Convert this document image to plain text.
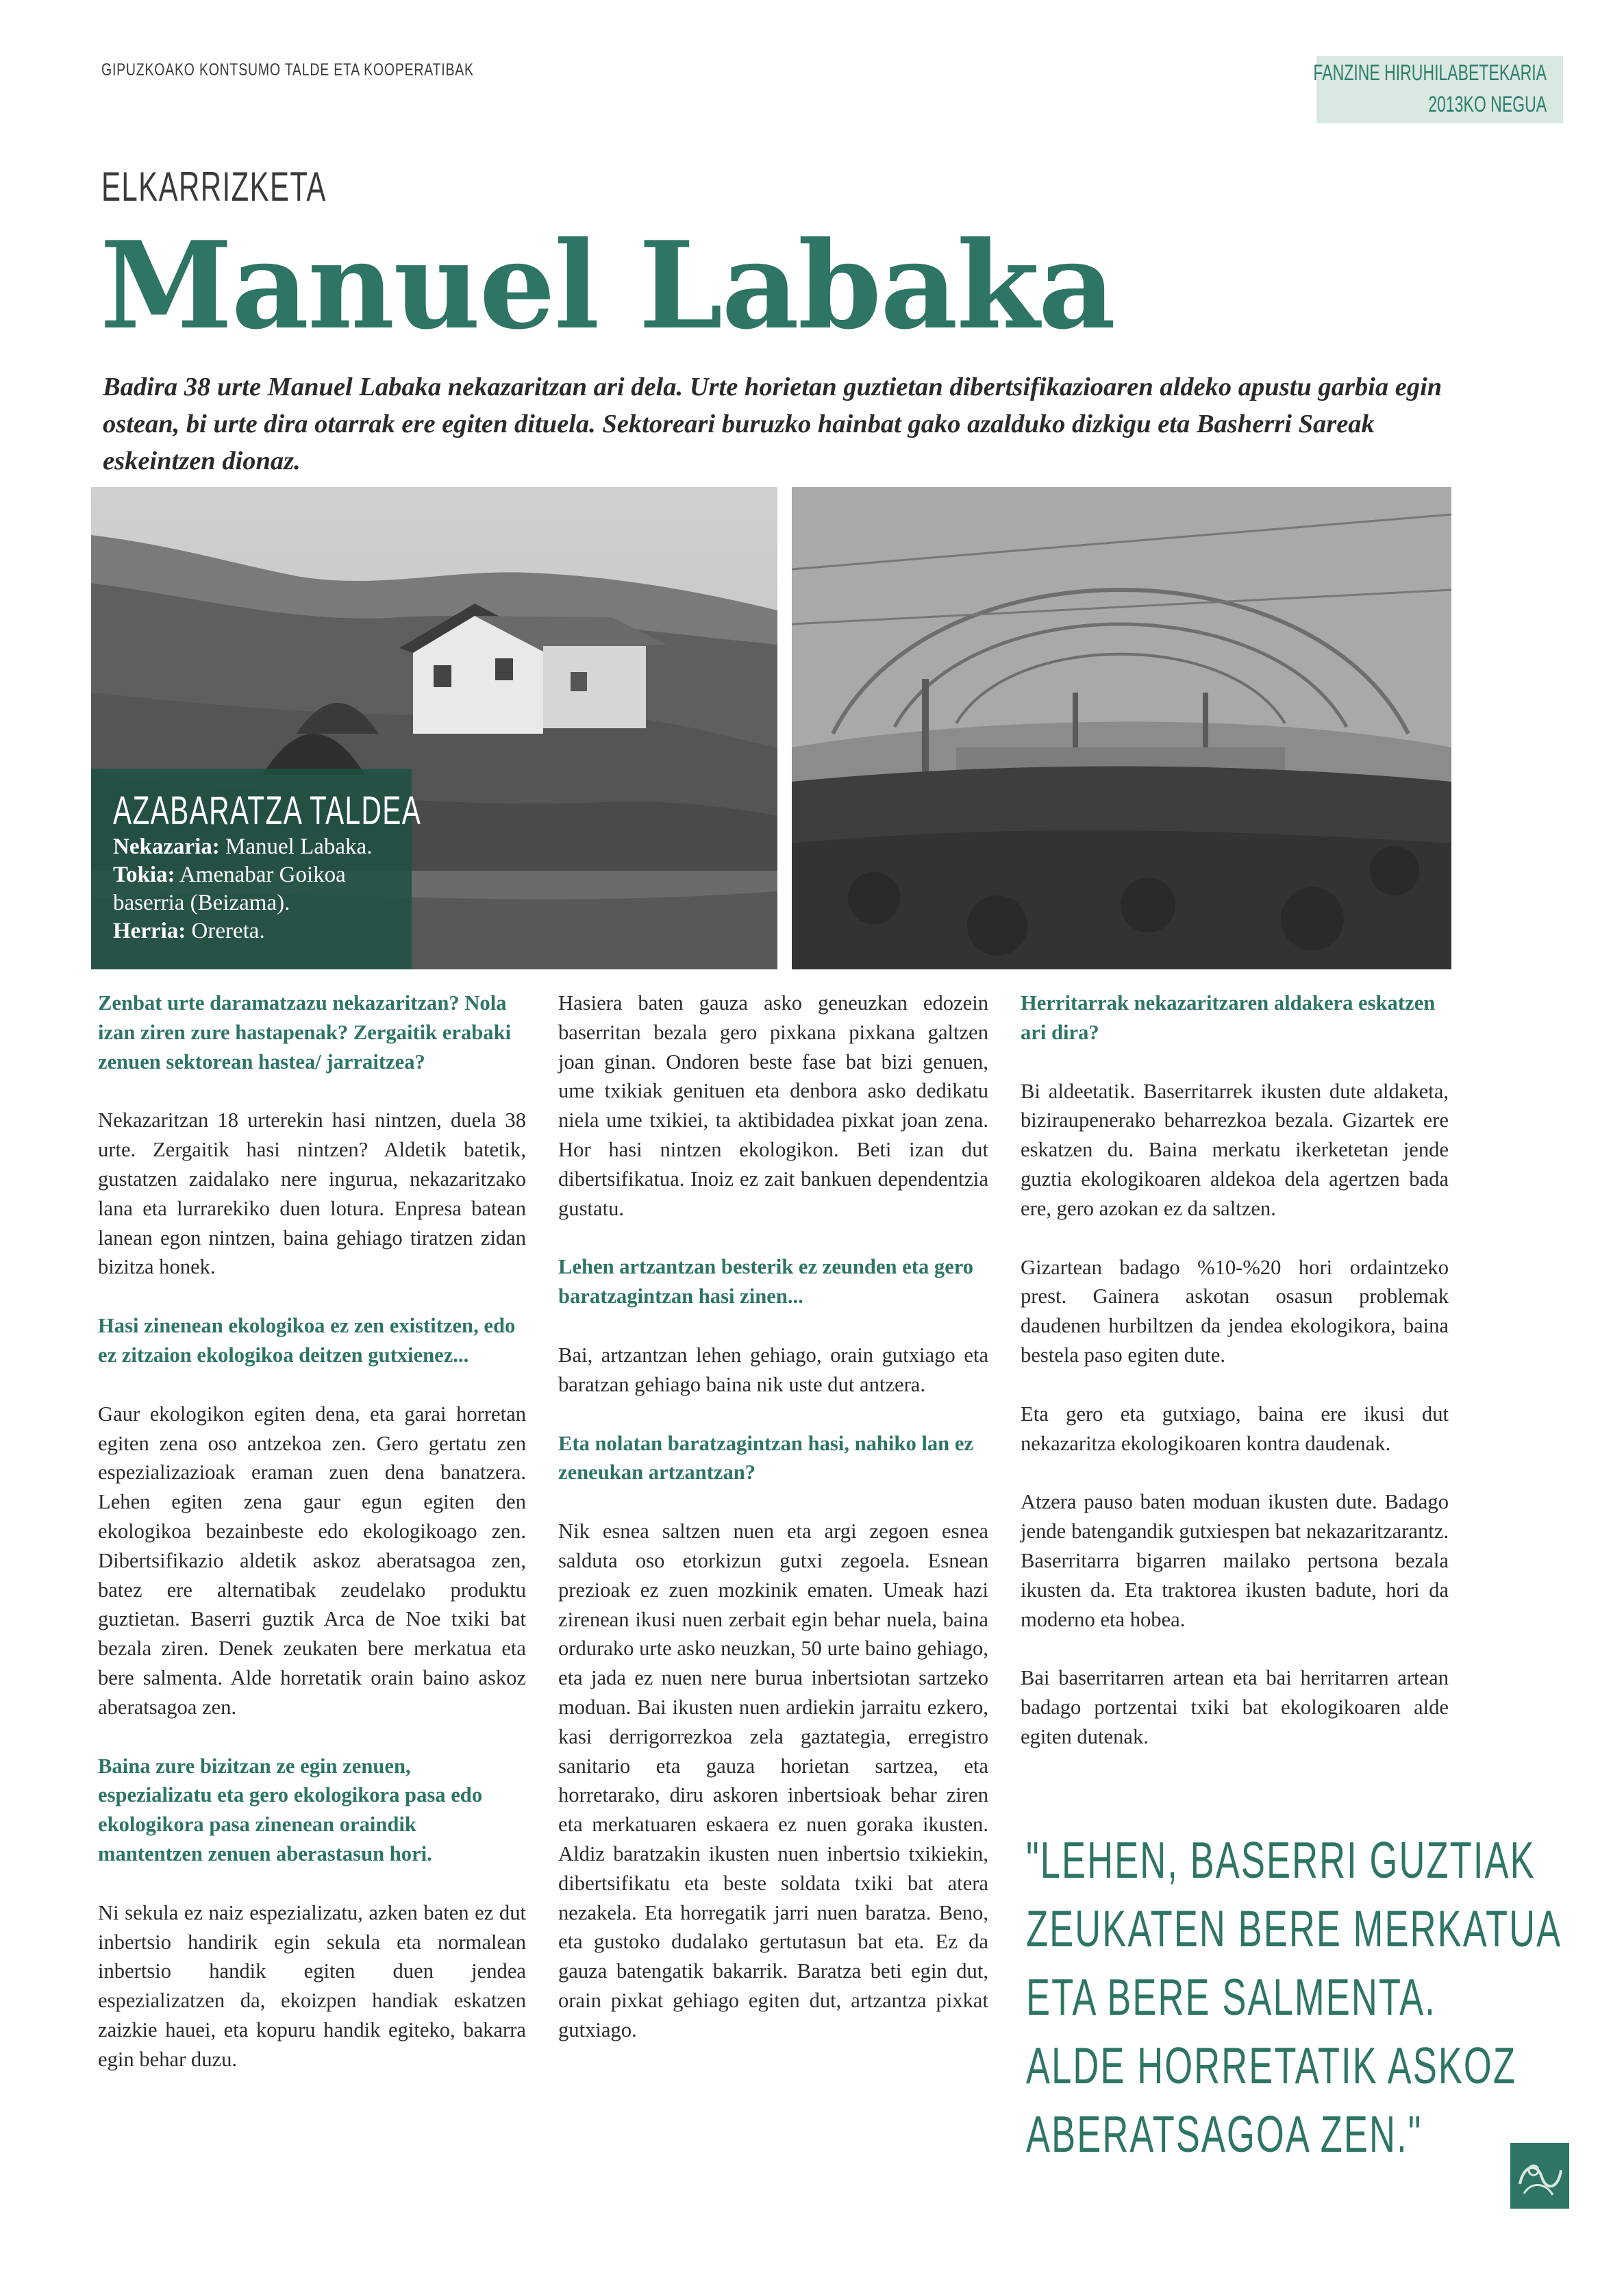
GIPUZKOAKO KONTSUMO TALDE ETA KOOPERATIBAK	FANZINE HIRUHILABETEKARIA
2013KO NEGUA
ELKARRIZKETA
Manuel Labaka
Badira 38 urte Manuel Labaka nekazaritzan ari dela. Urte horietan guztietan dibertsifikazioaren aldeko apustu garbia egin ostean, bi urte dira otarrak ere egiten dituela. Sektoreari buruzko hainbat gako azalduko dizkigu eta Basherri Sareak eskeintzen dionaz.
AZABARATZA TALDEA
Nekazaria: Manuel Labaka.
Tokia: Amenabar Goikoa baserria (Beizama).
Herria: Orereta.

Zenbat urte daramatzazu nekazaritzan? Nola izan ziren zure hastapenak? Zergaitik erabaki zenuen sektorean hastea/ jarraitzea?

Nekazaritzan 18 urterekin hasi nintzen, duela 38 urte. Zergaitik hasi nintzen? Aldetik batetik, gustatzen zaidalako nere ingurua, nekazaritzako lana eta lurrarekiko duen lotura. Enpresa batean lanean egon nintzen, baina gehiago tiratzen zidan bizitza honek.

Hasi zinenean ekologikoa ez zen existitzen, edo ez zitzaion ekologikoa deitzen gutxienez...

Gaur ekologikon egiten dena, eta garai horretan egiten zena oso antzekoa zen. Gero gertatu zen espezializazioak eraman zuen dena banatzera. Lehen egiten zena gaur egun egiten den ekologikoa bezainbeste edo ekologikoago zen. Dibertsifikazio aldetik askoz aberatsagoa zen, batez ere alternatibak zeudelako produktu guztietan. Baserri guztik Arca de Noe txiki bat bezala ziren. Denek zeukaten bere merkatua eta bere salmenta. Alde horretatik orain baino askoz aberatsagoa zen.

Baina zure bizitzan ze egin zenuen, espezializatu eta gero ekologikora pasa edo ekologikora pasa zinenean oraindik mantentzen zenuen aberastasun hori.

Ni sekula ez naiz espezializatu, azken baten ez dut inbertsio handirik egin sekula eta normalean inbertsio handik egiten duen jendea espezializatzen da, ekoizpen handiak eskatzen zaizkie hauei, eta kopuru handik egiteko, bakarra egin behar duzu.

Hasiera baten gauza asko geneuzkan edozein baserritan bezala gero pixkana pixkana galtzen joan ginan. Ondoren beste fase bat bizi genuen, ume txikiak genituen eta denbora asko dedikatu niela ume txikiei, ta aktibidadea pixkat joan zena. Hor hasi nintzen ekologikon. Beti izan dut dibertsifikatua. Inoiz ez zait bankuen dependentzia gustatu.

Lehen artzantzan besterik ez zeunden eta gero baratzagintzan hasi zinen...

Bai, artzantzan lehen gehiago, orain gutxiago eta baratzan gehiago baina nik uste dut antzera.

Eta nolatan baratzagintzan hasi, nahiko lan ez zeneukan artzantzan?

Nik esnea saltzen nuen eta argi zegoen esnea salduta oso etorkizun gutxi zegoela. Esnean prezioak ez zuen mozkinik ematen. Umeak hazi zirenean ikusi nuen zerbait egin behar nuela, baina ordurako urte asko neuzkan, 50 urte baino gehiago, eta jada ez nuen nere burua inbertsiotan sartzeko moduan. Bai ikusten nuen ardiekin jarraitu ezkero, kasi derrigorrezkoa zela gaztategia, erregistro sanitario eta gauza horietan sartzea, eta horretarako, diru askoren inbertsioak behar ziren eta merkatuaren eskaera ez nuen goraka ikusten. Aldiz baratzakin ikusten nuen inbertsio txikiekin, dibertsifikatu eta beste soldata txiki bat atera nezakela. Eta horregatik jarri nuen baratza. Beno, eta gustoko dudalako gertutasun bat eta. Ez da gauza batengatik bakarrik. Baratza beti egin dut, orain pixkat gehiago egiten dut, artzantza pixkat gutxiago.

Herritarrak nekazaritzaren aldakera eskatzen ari dira?

Bi aldeetatik. Baserritarrek ikusten dute aldaketa, biziraupenerako beharrezkoa bezala. Gizartek ere eskatzen du. Baina merkatu ikerketetan jende guztia ekologikoaren aldekoa dela agertzen bada ere, gero azokan ez da saltzen.

Gizartean badago %10-%20 hori ordaintzeko prest. Gainera askotan osasun problemak daudenen hurbiltzen da jendea ekologikora, baina bestela paso egiten dute.

Eta gero eta gutxiago, baina ere ikusi dut nekazaritza ekologikoaren kontra daudenak.

Atzera pauso baten moduan ikusten dute. Badago jende batengandik gutxiespen bat nekazaritzarantz. Baserritarra bigarren mailako pertsona bezala ikusten da. Eta traktorea ikusten badute, hori da moderno eta hobea.

Bai baserritarren artean eta bai herritarren artean badago portzentai txiki bat ekologikoaren alde egiten dutenak.

"LEHEN, BASERRI GUZTIAK
ZEUKATEN BERE MERKATUA
ETA BERE SALMENTA.
ALDE HORRETATIK ASKOZ
ABERATSAGOA ZEN."
